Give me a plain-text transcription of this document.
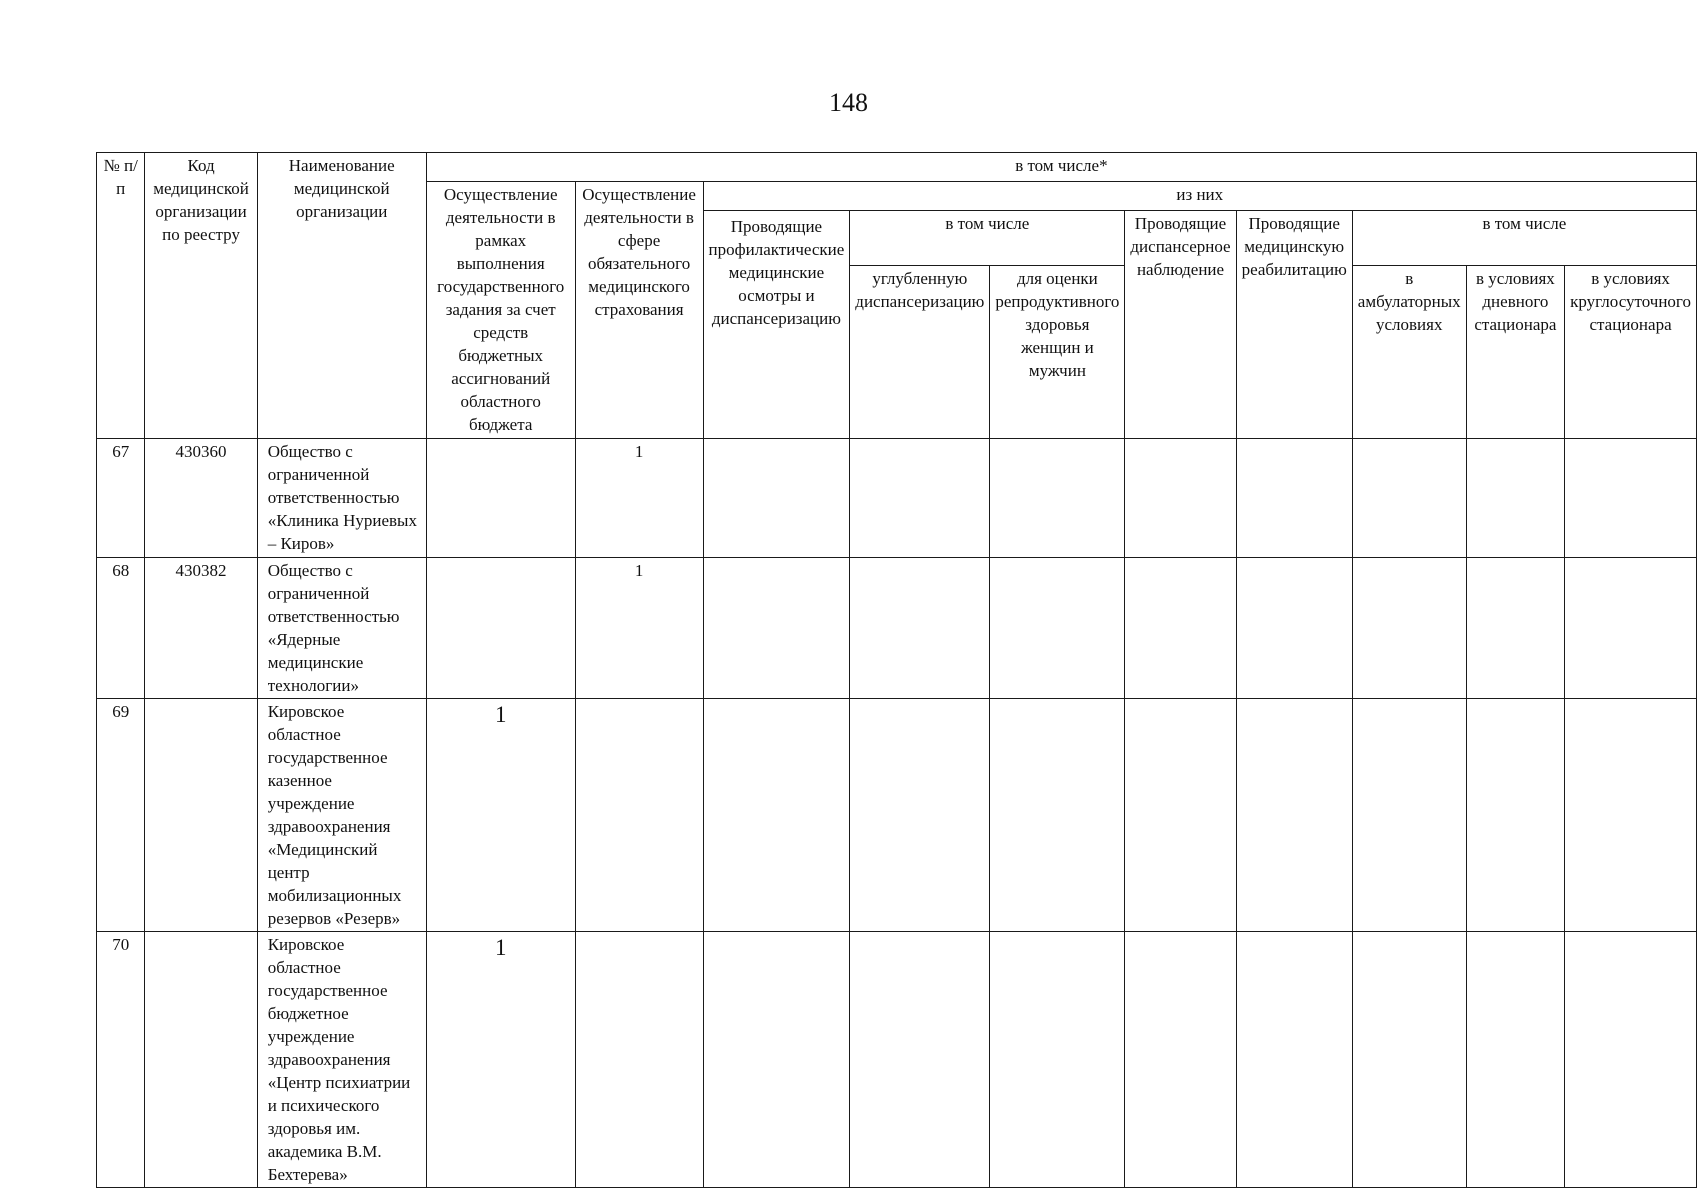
148
№ п/п	Код медицинской организации по реестру	Наименование медицинской организации	в том числе*									
			Осуществление деятельности в рамках выполнения государственного задания за счет средств бюджетных ассигнований областного бюджета	Осуществление деятельности в сфере обязательного медицинского страхования	из них							
					Проводящие профилактические медицинские осмотры и диспансеризацию	в том числе		Проводящие диспансерное наблюдение	Проводящие медицинскую реабилитацию	в том числе		
						углубленную диспансеризацию	для оценки репродуктивного здоровья женщин и мужчин			в амбулаторных условиях	в условиях дневного стационара	в условиях круглосуточного стационара
67	430360	Общество с ограниченной ответственностью «Клиника Нуриевых – Киров»		1								
68	430382	Общество с ограниченной ответственностью «Ядерные медицинские технологии»		1								
69		Кировское областное государственное казенное учреждение здравоохранения «Медицинский центр мобилизационных резервов «Резерв»	1									
70		Кировское областное государственное бюджетное учреждение здравоохранения «Центр психиатрии и психического здоровья им. академика В.М. Бехтерева»	1									
